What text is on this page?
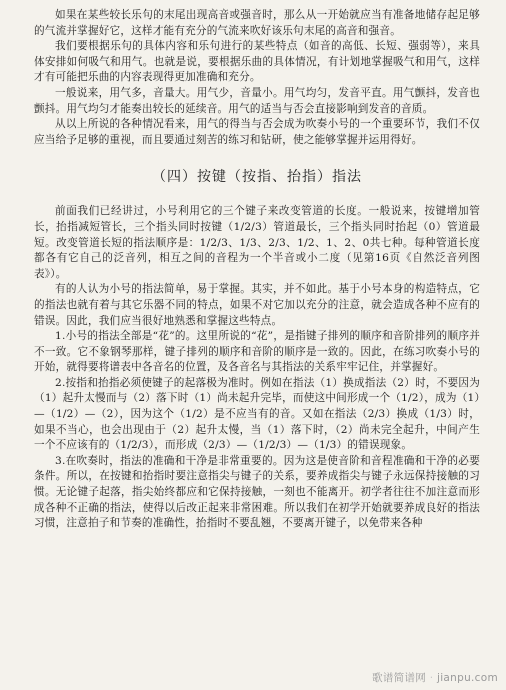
如果在某些较长乐句的末尾出现高音或强音时，那么从一开始就应当有准备地储存起足够的气流并掌握好它，这样才能有充分的气流来吹好该乐句末尾的高音和强音。

我们要根据乐句的具体内容和乐句进行的某些特点（如音的高低、长短、强弱等），来具体安排如何吸气和用气。也就是说，要根据乐曲的具体情况，有计划地掌握吸气和用气，这样才有可能把乐曲的内容表现得更加准确和充分。

一般说来，用气多，音量大。用气少，音量小。用气均匀，发音平直。用气颤抖，发音也颤抖。用气均匀才能奏出较长的延续音。用气的适当与否会直接影响到发音的音质。

从以上所说的各种情况看来，用气的得当与否会成为吹奏小号的一个重要环节，我们不仅应当给予足够的重视，而且要通过刻苦的练习和钻研，使之能够掌握并运用得好。

（四）按键（按指、抬指）指法

前面我们已经讲过，小号利用它的三个键子来改变管道的长度。一般说来，按键增加管长，抬指减短管长，三个指头同时按键（1/2/3）管道最长，三个指头同时抬起（0）管道最短。改变管道长短的指法顺序是：1/2/3、1/3、2/3、1/2、1、2、0共七种。每种管道长度都各有它自己的泛音列，相互之间的音程为一个半音或小二度（见第16页《自然泛音列图表》）。

有的人认为小号的指法简单，易于掌握。其实，并不如此。基于小号本身的构造特点，它的指法也就有着与其它乐器不同的特点，如果不对它加以充分的注意，就会造成各种不应有的错误。因此，我们应当很好地熟悉和掌握这些特点。

1.小号的指法全部是“花”的。这里所说的“花”，是指键子排列的顺序和音阶排列的顺序并不一致。它不象钢琴那样，键子排列的顺序和音阶的顺序是一致的。因此，在练习吹奏小号的开始，就得要将谱表中各音名的位置，及各音名与其指法的关系牢牢记住，并掌握好。

2.按指和抬指必须使键子的起落极为准时。例如在指法（1）换成指法（2）时，不要因为（1）起升太慢而与（2）落下时（1）尚未起升完毕，而使这中间形成一个（1/2），成为（1）—（1/2）—（2），因为这个（1/2）是不应当有的音。又如在指法（2/3）换成（1/3）时，如果不当心，也会出现由于（2）起升太慢，当（1）落下时，（2）尚未完全起升，中间产生一个不应该有的（1/2/3），而形成（2/3）—（1/2/3）—（1/3）的错误现象。

3.在吹奏时，指法的准确和干净是非常重要的。因为这是使音阶和音程准确和干净的必要条件。所以，在按键和抬指时要注意指尖与键子的关系，要养成指尖与键子永远保持接触的习惯。无论键子起落，指尖始终都应和它保持接触，一刻也不能离开。初学者往往不加注意而形成各种不正确的指法，使得以后改正起来非常困难。所以我们在初学开始就要养成良好的指法习惯，注意拍子和节奏的准确性，抬指时不要乱翘，不要离开键子，以免带来各种

歌谱简谱网 · jianpu.com
